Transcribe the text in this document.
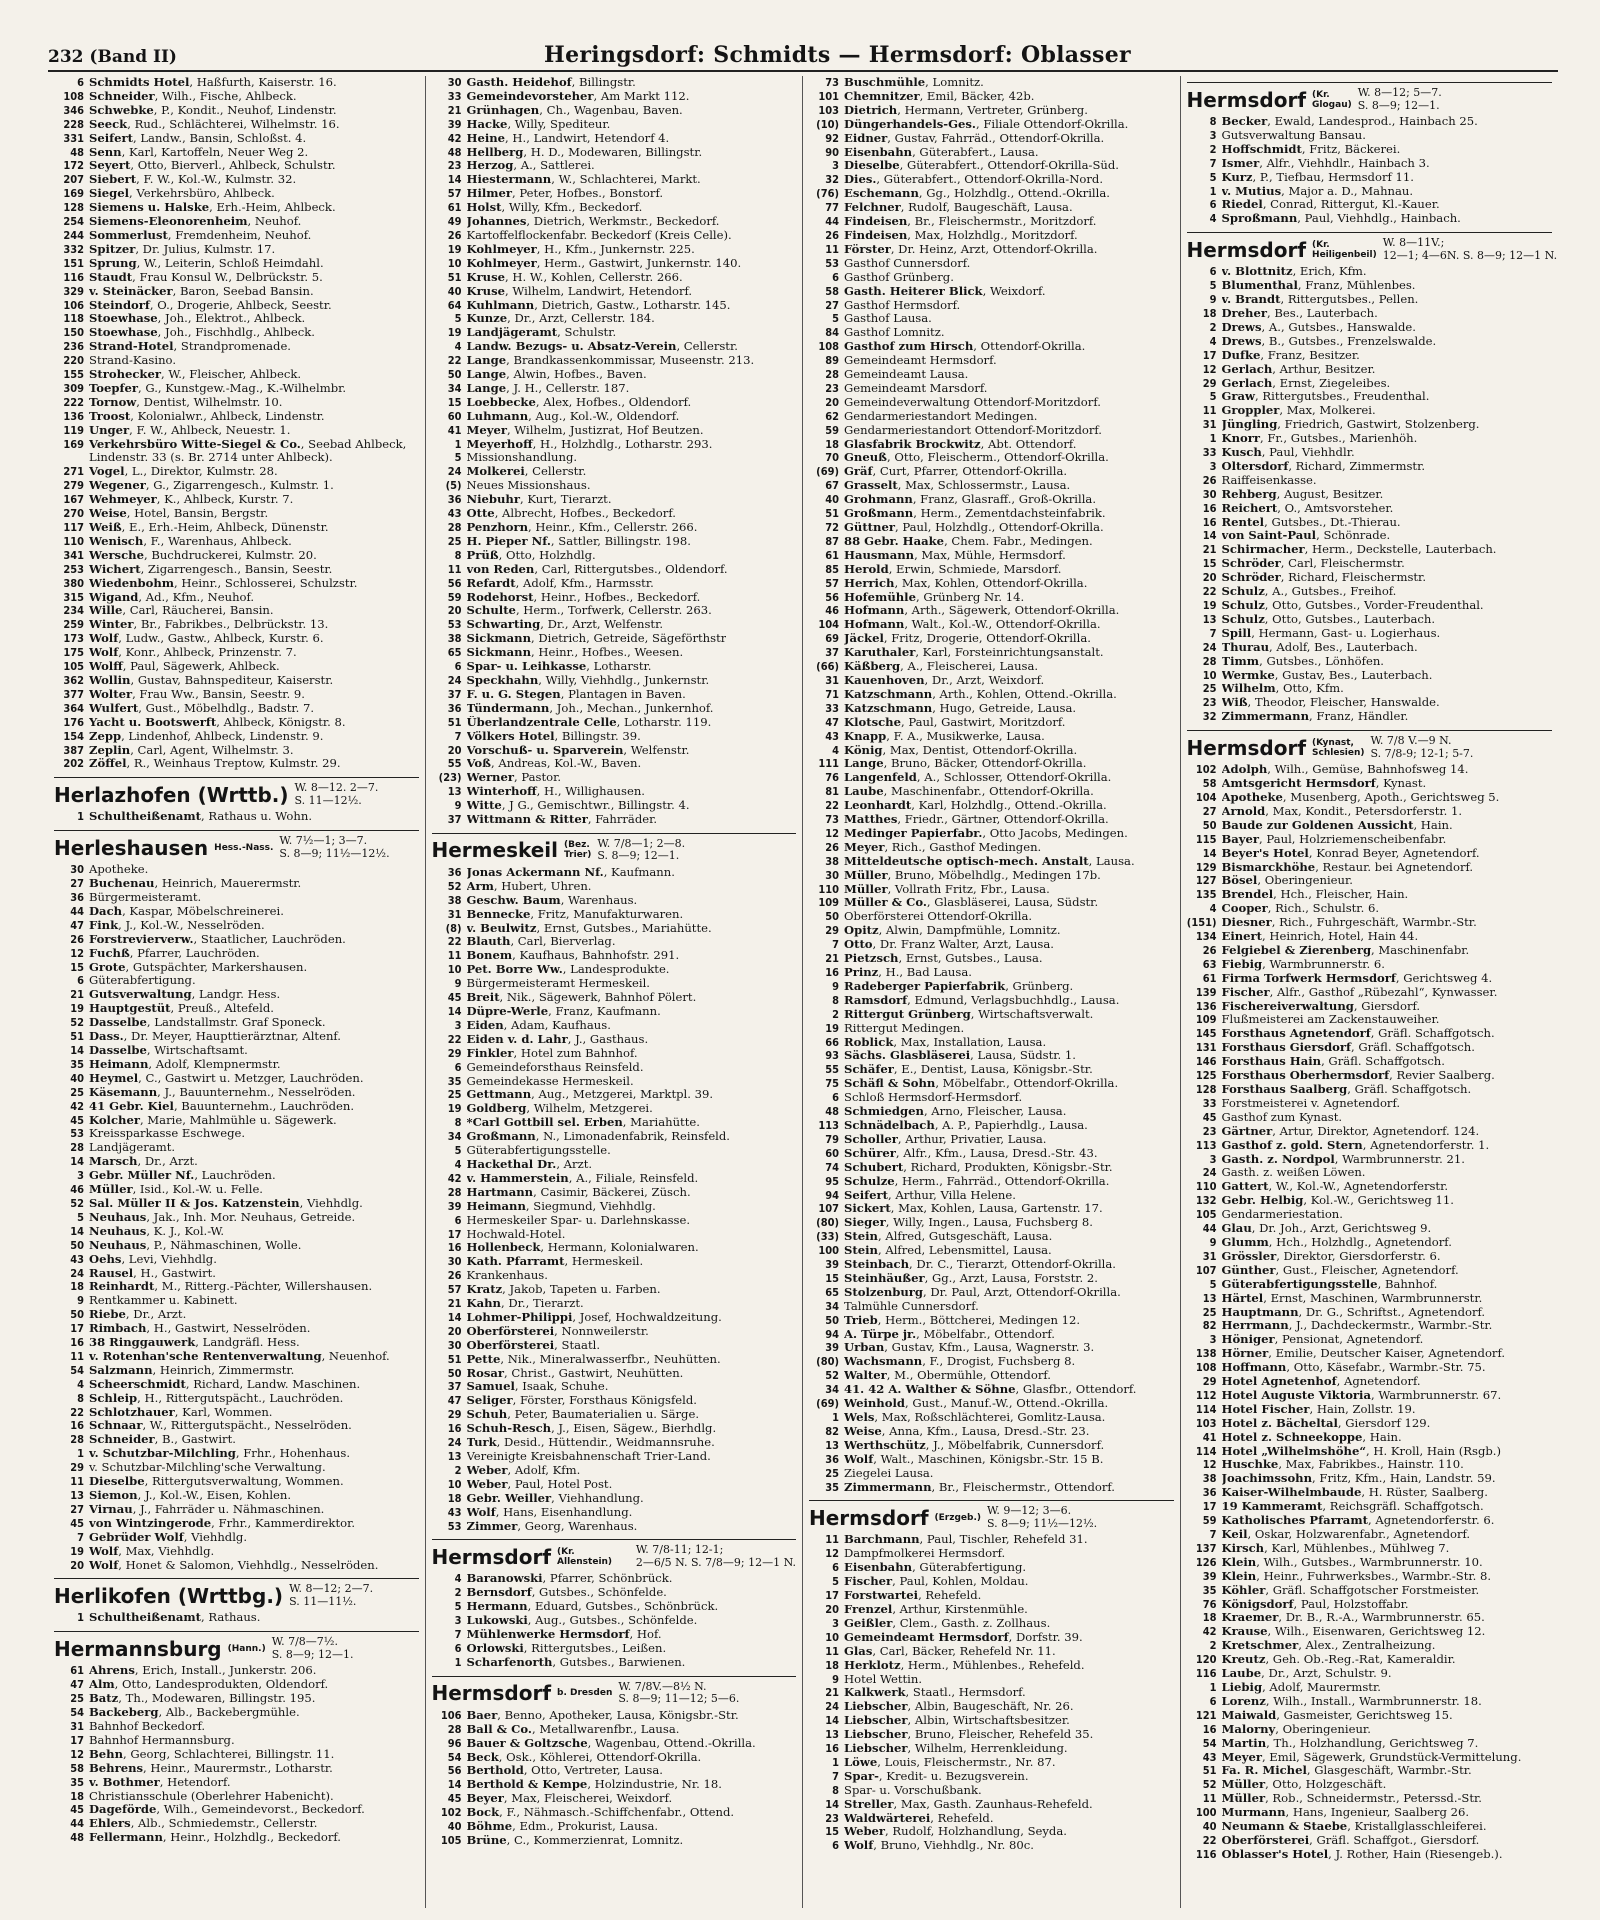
232 (Band II)	Heringsdorf: Schmidts — Hermsdorf: Oblasser
6 Schmidts Hotel, Haßfurth, Kaiserstr. 16.
108 Schneider, Wilh., Fische, Ahlbeck.
346 Schwebke, P., Kondit., Neuhof, Lindenstr.
228 Seeck, Rud., Schlächterei, Wilhelmstr. 16.
331 Seifert, Landw., Bansin, Schloßst. 4.
48 Senn, Karl, Kartoffeln, Neuer Weg 2.
172 Seyert, Otto, Bierverl., Ahlbeck, Schulstr.
207 Siebert, F. W., Kol.-W., Kulmstr. 32.
169 Siegel, Verkehrsbüro, Ahlbeck.
128 Siemens u. Halske, Erh.-Heim, Ahlbeck.
254 Siemens-Eleonorenheim, Neuhof.
244 Sommerlust, Fremdenheim, Neuhof.
332 Spitzer, Dr. Julius, Kulmstr. 17.
151 Sprung, W., Leiterin, Schloß Heimdahl.
116 Staudt, Frau Konsul W., Delbrückstr. 5.
329 v. Steinäcker, Baron, Seebad Bansin.
106 Steindorf, O., Drogerie, Ahlbeck, Seestr.
118 Stoewhase, Joh., Elektrot., Ahlbeck.
150 Stoewhase, Joh., Fischhdlg., Ahlbeck.
236 Strand-Hotel, Strandpromenade.
220 Strand-Kasino.
155 Strohecker, W., Fleischer, Ahlbeck.
309 Toepfer, G., Kunstgew.-Mag., K.-Wilhelmbr.
222 Tornow, Dentist, Wilhelmstr. 10.
136 Troost, Kolonialwr., Ahlbeck, Lindenstr.
119 Unger, F. W., Ahlbeck, Neuestr. 1.
169 Verkehrsbüro Witte-Siegel & Co., Seebad Ahlbeck,
Lindenstr. 33 (s. Br. 2714 unter Ahlbeck).
271 Vogel, L., Direktor, Kulmstr. 28.
279 Wegener, G., Zigarrengesch., Kulmstr. 1.
167 Wehmeyer, K., Ahlbeck, Kurstr. 7.
270 Weise, Hotel, Bansin, Bergstr.
117 Weiß, E., Erh.-Heim, Ahlbeck, Dünenstr.
110 Wenisch, F., Warenhaus, Ahlbeck.
341 Wersche, Buchdruckerei, Kulmstr. 20.
253 Wichert, Zigarrengesch., Bansin, Seestr.
380 Wiedenbohm, Heinr., Schlosserei, Schulzstr.
315 Wigand, Ad., Kfm., Neuhof.
234 Wille, Carl, Räucherei, Bansin.
259 Winter, Br., Fabrikbes., Delbrückstr. 13.
173 Wolf, Ludw., Gastw., Ahlbeck, Kurstr. 6.
175 Wolf, Konr., Ahlbeck, Prinzenstr. 7.
105 Wolff, Paul, Sägewerk, Ahlbeck.
362 Wollin, Gustav, Bahnspediteur, Kaiserstr.
377 Wolter, Frau Ww., Bansin, Seestr. 9.
364 Wulfert, Gust., Möbelhdlg., Badstr. 7.
176 Yacht u. Bootswerft, Ahlbeck, Königstr. 8.
154 Zepp, Lindenhof, Ahlbeck, Lindenstr. 9.
387 Zeplin, Carl, Agent, Wilhelmstr. 3.
202 Zöffel, R., Weinhaus Treptow, Kulmstr. 29.
Herlazhofen (Wrttb.) W. 8—12. 2—7.
S. 11—12½.
1 Schultheißenamt, Rathaus u. Wohn.
Herleshausen Hess.-Nass.
W. 7½—1; 3—7.
S. 8—9; 11½—12½.
30 Apotheke.
27 Buchenau, Heinrich, Mauerermstr.
36 Bürgermeisteramt.
44 Dach, Kaspar, Möbelschreinerei.
47 Fink, J., Kol.-W., Nesselröden.
26 Forstrevierverw., Staatlicher, Lauchröden.
12 Fuchß, Pfarrer, Lauchröden.
15 Grote, Gutspächter, Markershausen.
6 Güterabfertigung.
21 Gutsverwaltung, Landgr. Hess.
19 Hauptgestüt, Preuß., Altefeld.
52 Dasselbe, Landstallmstr. Graf Sponeck.
51 Dass., Dr. Meyer, Haupttierärztnar, Altenf.
14 Dasselbe, Wirtschaftsamt.
35 Heimann, Adolf, Klempnermstr.
40 Heymel, C., Gastwirt u. Metzger, Lauchröden.
25 Käsemann, J., Bauunternehm., Nesselröden.
42 41 Gebr. Kiel, Bauunternehm., Lauchröden.
45 Kolcher, Marie, Mahlmühle u. Sägewerk.
53 Kreissparkasse Eschwege.
28 Landjägeramt.
14 Marsch, Dr., Arzt.
3 Gebr. Müller Nf., Lauchröden.
46 Müller, Isid., Kol.-W. u. Felle.
52 Sal. Müller II & Jos. Katzenstein, Viehhdlg.
5 Neuhaus, Jak., Inh. Mor. Neuhaus, Getreide.
14 Neuhaus, K. J., Kol.-W.
50 Neuhaus, P., Nähmaschinen, Wolle.
43 Oehs, Levi, Viehhdlg.
24 Rausel, H., Gastwirt.
18 Reinhardt, M., Ritterg.-Pächter, Willershausen.
9 Rentkammer u. Kabinett.
50 Riebe, Dr., Arzt.
17 Rimbach, H., Gastwirt, Nesselröden.
16 38 Ringgauwerk, Landgräfl. Hess.
11 v. Rotenhan'sche Rentenverwaltung, Neuenhof.
54 Salzmann, Heinrich, Zimmermstr.
4 Scheerschmidt, Richard, Landw. Maschinen.
8 Schleip, H., Rittergutspächt., Lauchröden.
22 Schlotzhauer, Karl, Wommen.
16 Schnaar, W., Rittergutspächt., Nesselröden.
28 Schneider, B., Gastwirt.
1 v. Schutzbar-Milchling, Frhr., Hohenhaus.
29 v. Schutzbar-Milchling'sche Verwaltung.
11 Dieselbe, Rittergutsverwaltung, Wommen.
13 Siemon, J., Kol.-W., Eisen, Kohlen.
27 Virnau, J., Fahrräder u. Nähmaschinen.
45 von Wintzingerode, Frhr., Kammerdirektor.
7 Gebrüder Wolf, Viehhdlg.
19 Wolf, Max, Viehhdlg.
20 Wolf, Honet & Salomon, Viehhdlg., Nesselröden.
Herlikofen (Wrttbg.) W. 8—12; 2—7.
S. 11—11½.
1 Schultheißenamt, Rathaus.
Hermannsburg (Hann.)
W. 7/8—7½.
S. 8—9; 12—1.
61 Ahrens, Erich, Install., Junkerstr. 206.
47 Alm, Otto, Landesprodukten, Oldendorf.
25 Batz, Th., Modewaren, Billingstr. 195.
54 Backeberg, Alb., Backebergmühle.
31 Bahnhof Beckedorf.
17 Bahnhof Hermannsburg.
12 Behn, Georg, Schlachterei, Billingstr. 11.
58 Behrens, Heinr., Maurermstr., Lotharstr.
35 v. Bothmer, Hetendorf.
18 Christiansschule (Oberlehrer Habenicht).
45 Dageförde, Wilh., Gemeindevorst., Beckedorf.
44 Ehlers, Alb., Schmiedemstr., Cellerstr.
48 Fellermann, Heinr., Holzhdlg., Beckedorf.
30 Gasth. Heidehof, Billingstr.
33 Gemeindevorsteher, Am Markt 112.
21 Grünhagen, Ch., Wagenbau, Baven.
39 Hacke, Willy, Spediteur.
42 Heine, H., Landwirt, Hetendorf 4.
48 Hellberg, H. D., Modewaren, Billingstr.
23 Herzog, A., Sattlerei.
14 Hiestermann, W., Schlachterei, Markt.
57 Hilmer, Peter, Hofbes., Bonstorf.
61 Holst, Willy, Kfm., Beckedorf.
49 Johannes, Dietrich, Werkmstr., Beckedorf.
26 Kartoffelflockenfabr. Beckedorf (Kreis Celle).
19 Kohlmeyer, H., Kfm., Junkernstr. 225.
10 Kohlmeyer, Herm., Gastwirt, Junkernstr. 140.
51 Kruse, H. W., Kohlen, Cellerstr. 266.
40 Kruse, Wilhelm, Landwirt, Hetendorf.
64 Kuhlmann, Dietrich, Gastw., Lotharstr. 145.
5 Kunze, Dr., Arzt, Cellerstr. 184.
19 Landjägeramt, Schulstr.
4 Landw. Bezugs- u. Absatz-Verein, Cellerstr.
22 Lange, Brandkassenkommissar, Museenstr. 213.
50 Lange, Alwin, Hofbes., Baven.
34 Lange, J. H., Cellerstr. 187.
15 Loebbecke, Alex, Hofbes., Oldendorf.
60 Luhmann, Aug., Kol.-W., Oldendorf.
41 Meyer, Wilhelm, Justizrat, Hof Beutzen.
1 Meyerhoff, H., Holzhdlg., Lotharstr. 293.
5 Missionshandlung.
24 Molkerei, Cellerstr.
(5) Neues Missionshaus.
36 Niebuhr, Kurt, Tierarzt.
43 Otte, Albrecht, Hofbes., Beckedorf.
28 Penzhorn, Heinr., Kfm., Cellerstr. 266.
25 H. Pieper Nf., Sattler, Billingstr. 198.
8 Prüß, Otto, Holzhdlg.
11 von Reden, Carl, Rittergutsbes., Oldendorf.
56 Refardt, Adolf, Kfm., Harmsstr.
59 Rodehorst, Heinr., Hofbes., Beckedorf.
20 Schulte, Herm., Torfwerk, Cellerstr. 263.
53 Schwarting, Dr., Arzt, Welfenstr.
38 Sickmann, Dietrich, Getreide, Sägeförthstr
65 Sickmann, Heinr., Hofbes., Weesen.
6 Spar- u. Leihkasse, Lotharstr.
24 Speckhahn, Willy, Viehhdlg., Junkernstr.
37 F. u. G. Stegen, Plantagen in Baven.
36 Tündermann, Joh., Mechan., Junkernhof.
51 Überlandzentrale Celle, Lotharstr. 119.
7 Völkers Hotel, Billingstr. 39.
20 Vorschuß- u. Sparverein, Welfenstr.
55 Voß, Andreas, Kol.-W., Baven.
(23) Werner, Pastor.
13 Winterhoff, H., Willighausen.
9 Witte, J G., Gemischtwr., Billingstr. 4.
37 Wittmann & Ritter, Fahrräder.
Hermeskeil (Bez.
Trier)
W. 7/8—1; 2—8.
S. 8—9; 12—1.
36 Jonas Ackermann Nf., Kaufmann.
52 Arm, Hubert, Uhren.
38 Geschw. Baum, Warenhaus.
31 Bennecke, Fritz, Manufakturwaren.
(8) v. Beulwitz, Ernst, Gutsbes., Mariahütte.
22 Blauth, Carl, Bierverlag.
11 Bonem, Kaufhaus, Bahnhofstr. 291.
10 Pet. Borre Ww., Landesprodukte.
9 Bürgermeisteramt Hermeskeil.
45 Breit, Nik., Sägewerk, Bahnhof Pölert.
14 Düpre-Werle, Franz, Kaufmann.
3 Eiden, Adam, Kaufhaus.
22 Eiden v. d. Lahr, J., Gasthaus.
29 Finkler, Hotel zum Bahnhof.
6 Gemeindeforsthaus Reinsfeld.
35 Gemeindekasse Hermeskeil.
25 Gettmann, Aug., Metzgerei, Marktpl. 39.
19 Goldberg, Wilhelm, Metzgerei.
8 *Carl Gottbill sel. Erben, Mariahütte.
34 Großmann, N., Limonadenfabrik, Reinsfeld.
5 Güterabfertigungsstelle.
4 Hackethal Dr., Arzt.
42 v. Hammerstein, A., Filiale, Reinsfeld.
28 Hartmann, Casimir, Bäckerei, Züsch.
39 Heimann, Siegmund, Viehhdlg.
6 Hermeskeiler Spar- u. Darlehnskasse.
17 Hochwald-Hotel.
16 Hollenbeck, Hermann, Kolonialwaren.
30 Kath. Pfarramt, Hermeskeil.
26 Krankenhaus.
57 Kratz, Jakob, Tapeten u. Farben.
21 Kahn, Dr., Tierarzt.
14 Lohmer-Philippi, Josef, Hochwaldzeitung.
20 Oberförsterei, Nonnweilerstr.
30 Oberförsterei, Staatl.
51 Pette, Nik., Mineralwasserfbr., Neuhütten.
50 Rosar, Christ., Gastwirt, Neuhütten.
37 Samuel, Isaak, Schuhe.
47 Seliger, Förster, Forsthaus Königsfeld.
29 Schuh, Peter, Baumaterialien u. Särge.
16 Schuh-Resch, J., Eisen, Sägew., Bierhdlg.
24 Turk, Desid., Hüttendir., Weidmannsruhe.
13 Vereinigte Kreisbahnenschaft Trier-Land.
2 Weber, Adolf, Kfm.
10 Weber, Paul, Hotel Post.
18 Gebr. Weiller, Viehhandlung.
43 Wolf, Hans, Eisenhandlung.
53 Zimmer, Georg, Warenhaus.
Hermsdorf (Kr. Allenstein)
W. 7/8-11; 12-1;
2—6/5 N. S. 7/8—9; 12—1 N.
4 Baranowski, Pfarrer, Schönbrück.
2 Bernsdorf, Gutsbes., Schönfelde.
5 Hermann, Eduard, Gutsbes., Schönbrück.
3 Lukowski, Aug., Gutsbes., Schönfelde.
7 Mühlenwerke Hermsdorf, Hof.
6 Orlowski, Rittergutsbes., Leißen.
1 Scharfenorth, Gutsbes., Barwienen.
Hermsdorf b. Dresden
W. 7/8V.—8½ N.
S. 8—9; 11—12; 5—6.
106 Baer, Benno, Apotheker, Lausa, Königsbr.-Str.
28 Ball & Co., Metallwarenfbr., Lausa.
96 Bauer & Goltzsche, Wagenbau, Ottend.-Okrilla.
54 Beck, Osk., Köhlerei, Ottendorf-Okrilla.
56 Berthold, Otto, Vertreter, Lausa.
14 Berthold & Kempe, Holzindustrie, Nr. 18.
45 Beyer, Max, Fleischerei, Weixdorf.
102 Bock, F., Nähmasch.-Schiffchenfabr., Ottend.
40 Böhme, Edm., Prokurist, Lausa.
105 Brüne, C., Kommerzienrat, Lomnitz.
73 Buschmühle, Lomnitz.
101 Chemnitzer, Emil, Bäcker, 42b.
103 Dietrich, Hermann, Vertreter, Grünberg.
(10) Düngerhandels-Ges., Filiale Ottendorf-Okrilla.
92 Eidner, Gustav, Fahrräd., Ottendorf-Okrilla.
90 Eisenbahn, Güterabfert., Lausa.
3 Dieselbe, Güterabfert., Ottendorf-Okrilla-Süd.
32 Dies., Güterabfert., Ottendorf-Okrilla-Nord.
(76) Eschemann, Gg., Holzhdlg., Ottend.-Okrilla.
77 Felchner, Rudolf, Baugeschäft, Lausa.
44 Findeisen, Br., Fleischermstr., Moritzdorf.
26 Findeisen, Max, Holzhdlg., Moritzdorf.
11 Förster, Dr. Heinz, Arzt, Ottendorf-Okrilla.
53 Gasthof Cunnersdorf.
6 Gasthof Grünberg.
58 Gasth. Heiterer Blick, Weixdorf.
27 Gasthof Hermsdorf.
5 Gasthof Lausa.
84 Gasthof Lomnitz.
108 Gasthof zum Hirsch, Ottendorf-Okrilla.
89 Gemeindeamt Hermsdorf.
28 Gemeindeamt Lausa.
23 Gemeindeamt Marsdorf.
20 Gemeindeverwaltung Ottendorf-Moritzdorf.
62 Gendarmeriestandort Medingen.
59 Gendarmeriestandort Ottendorf-Moritzdorf.
18 Glasfabrik Brockwitz, Abt. Ottendorf.
70 Gneuß, Otto, Fleischerm., Ottendorf-Okrilla.
(69) Gräf, Curt, Pfarrer, Ottendorf-Okrilla.
67 Grasselt, Max, Schlossermstr., Lausa.
40 Grohmann, Franz, Glasraff., Groß-Okrilla.
51 Großmann, Herm., Zementdachsteinfabrik.
72 Güttner, Paul, Holzhdlg., Ottendorf-Okrilla.
87 88 Gebr. Haake, Chem. Fabr., Medingen.
61 Hausmann, Max, Mühle, Hermsdorf.
85 Herold, Erwin, Schmiede, Marsdorf.
57 Herrich, Max, Kohlen, Ottendorf-Okrilla.
56 Hofemühle, Grünberg Nr. 14.
46 Hofmann, Arth., Sägewerk, Ottendorf-Okrilla.
104 Hofmann, Walt., Kol.-W., Ottendorf-Okrilla.
69 Jäckel, Fritz, Drogerie, Ottendorf-Okrilla.
37 Karuthaler, Karl, Forsteinrichtungsanstalt.
(66) Käßberg, A., Fleischerei, Lausa.
31 Kauenhoven, Dr., Arzt, Weixdorf.
71 Katzschmann, Arth., Kohlen, Ottend.-Okrilla.
33 Katzschmann, Hugo, Getreide, Lausa.
47 Klotsche, Paul, Gastwirt, Moritzdorf.
43 Knapp, F. A., Musikwerke, Lausa.
4 König, Max, Dentist, Ottendorf-Okrilla.
111 Lange, Bruno, Bäcker, Ottendorf-Okrilla.
76 Langenfeld, A., Schlosser, Ottendorf-Okrilla.
81 Laube, Maschinenfabr., Ottendorf-Okrilla.
22 Leonhardt, Karl, Holzhdlg., Ottend.-Okrilla.
73 Matthes, Friedr., Gärtner, Ottendorf-Okrilla.
12 Medinger Papierfabr., Otto Jacobs, Medingen.
26 Meyer, Rich., Gasthof Medingen.
38 Mitteldeutsche optisch-mech. Anstalt, Lausa.
30 Müller, Bruno, Möbelhdlg., Medingen 17b.
110 Müller, Vollrath Fritz, Fbr., Lausa.
109 Müller & Co., Glasbläserei, Lausa, Südstr.
50 Oberförsterei Ottendorf-Okrilla.
29 Opitz, Alwin, Dampfmühle, Lomnitz.
7 Otto, Dr. Franz Walter, Arzt, Lausa.
21 Pietzsch, Ernst, Gutsbes., Lausa.
16 Prinz, H., Bad Lausa.
9 Radeberger Papierfabrik, Grünberg.
8 Ramsdorf, Edmund, Verlagsbuchhdlg., Lausa.
2 Rittergut Grünberg, Wirtschaftsverwalt.
19 Rittergut Medingen.
66 Roblick, Max, Installation, Lausa.
93 Sächs. Glasbläserei, Lausa, Südstr. 1.
55 Schäfer, E., Dentist, Lausa, Königsbr.-Str.
75 Schäfl & Sohn, Möbelfabr., Ottendorf-Okrilla.
6 Schloß Hermsdorf-Hermsdorf.
48 Schmiedgen, Arno, Fleischer, Lausa.
113 Schnädelbach, A. P., Papierhdlg., Lausa.
79 Scholler, Arthur, Privatier, Lausa.
60 Schürer, Alfr., Kfm., Lausa, Dresd.-Str. 43.
74 Schubert, Richard, Produkten, Königsbr.-Str.
95 Schulze, Herm., Fahrräd., Ottendorf-Okrilla.
94 Seifert, Arthur, Villa Helene.
107 Sickert, Max, Kohlen, Lausa, Gartenstr. 17.
(80) Sieger, Willy, Ingen., Lausa, Fuchsberg 8.
(33) Stein, Alfred, Gutsgeschäft, Lausa.
100 Stein, Alfred, Lebensmittel, Lausa.
39 Steinbach, Dr. C., Tierarzt, Ottendorf-Okrilla.
15 Steinhäußer, Gg., Arzt, Lausa, Forststr. 2.
65 Stolzenburg, Dr. Paul, Arzt, Ottendorf-Okrilla.
34 Talmühle Cunnersdorf.
50 Trieb, Herm., Böttcherei, Medingen 12.
94 A. Türpe jr., Möbelfabr., Ottendorf.
39 Urban, Gustav, Kfm., Lausa, Wagnerstr. 3.
(80) Wachsmann, F., Drogist, Fuchsberg 8.
52 Walter, M., Obermühle, Ottendorf.
34 41. 42 A. Walther & Söhne, Glasfbr., Ottendorf.
(69) Weinhold, Gust., Manuf.-W., Ottend.-Okrilla.
1 Wels, Max, Roßschlächterei, Gomlitz-Lausa.
82 Weise, Anna, Kfm., Lausa, Dresd.-Str. 23.
13 Werthschütz, J., Möbelfabrik, Cunnersdorf.
36 Wolf, Walt., Maschinen, Königsbr.-Str. 15 B.
25 Ziegelei Lausa.
35 Zimmermann, Br., Fleischermstr., Ottendorf.
Hermsdorf (Erzgeb.)
W. 9—12; 3—6.
S. 8—9; 11½—12½.
11 Barchmann, Paul, Tischler, Rehefeld 31.
12 Dampfmolkerei Hermsdorf.
6 Eisenbahn, Güterabfertigung.
5 Fischer, Paul, Kohlen, Moldau.
17 Forstwartei, Rehefeld.
20 Frenzel, Arthur, Kirstenmühle.
3 Geißler, Clem., Gasth. z. Zollhaus.
10 Gemeindeamt Hermsdorf, Dorfstr. 39.
11 Glas, Carl, Bäcker, Rehefeld Nr. 11.
18 Herklotz, Herm., Mühlenbes., Rehefeld.
9 Hotel Wettin.
21 Kalkwerk, Staatl., Hermsdorf.
24 Liebscher, Albin, Baugeschäft, Nr. 26.
14 Liebscher, Albin, Wirtschaftsbesitzer.
13 Liebscher, Bruno, Fleischer, Rehefeld 35.
16 Liebscher, Wilhelm, Herrenkleidung.
1 Löwe, Louis, Fleischermstr., Nr. 87.
7 Spar-, Kredit- u. Bezugsverein.
8 Spar- u. Vorschußbank.
14 Streller, Max, Gasth. Zaunhaus-Rehefeld.
23 Waldwärterei, Rehefeld.
15 Weber, Rudolf, Holzhandlung, Seyda.
6 Wolf, Bruno, Viehhdlg., Nr. 80c.
Hermsdorf (Kr.
Glogau)
W. 8—12; 5—7.
S. 8—9; 12—1.
8 Becker, Ewald, Landesprod., Hainbach 25.
3 Gutsverwaltung Bansau.
2 Hoffschmidt, Fritz, Bäckerei.
7 Ismer, Alfr., Viehhdlr., Hainbach 3.
5 Kurz, P., Tiefbau, Hermsdorf 11.
1 v. Mutius, Major a. D., Mahnau.
6 Riedel, Conrad, Rittergut, Kl.-Kauer.
4 Sproßmann, Paul, Viehhdlg., Hainbach.
Hermsdorf (Kr. Heiligenbeil)
W. 8—11V.;
12—1; 4—6N. S. 8—9; 12—1 N.
6 v. Blottnitz, Erich, Kfm.
5 Blumenthal, Franz, Mühlenbes.
9 v. Brandt, Rittergutsbes., Pellen.
18 Dreher, Bes., Lauterbach.
2 Drews, A., Gutsbes., Hanswalde.
4 Drews, B., Gutsbes., Frenzelswalde.
17 Dufke, Franz, Besitzer.
12 Gerlach, Arthur, Besitzer.
29 Gerlach, Ernst, Ziegeleibes.
5 Graw, Rittergutsbes., Freudenthal.
11 Groppler, Max, Molkerei.
31 Jüngling, Friedrich, Gastwirt, Stolzenberg.
1 Knorr, Fr., Gutsbes., Marienhöh.
33 Kusch, Paul, Viehhdlr.
3 Oltersdorf, Richard, Zimmermstr.
26 Raiffeisenkasse.
30 Rehberg, August, Besitzer.
16 Reichert, O., Amtsvorsteher.
16 Rentel, Gutsbes., Dt.-Thierau.
14 von Saint-Paul, Schönrade.
21 Schirmacher, Herm., Deckstelle, Lauterbach.
15 Schröder, Carl, Fleischermstr.
20 Schröder, Richard, Fleischermstr.
22 Schulz, A., Gutsbes., Freihof.
19 Schulz, Otto, Gutsbes., Vorder-Freudenthal.
13 Schulz, Otto, Gutsbes., Lauterbach.
7 Spill, Hermann, Gast- u. Logierhaus.
24 Thurau, Adolf, Bes., Lauterbach.
28 Timm, Gutsbes., Lönhöfen.
10 Wermke, Gustav, Bes., Lauterbach.
25 Wilhelm, Otto, Kfm.
23 Wiß, Theodor, Fleischer, Hanswalde.
32 Zimmermann, Franz, Händler.
Hermsdorf (Kynast,
Schlesien)
W. 7/8 V.—9 N.
S. 7/8-9; 12-1; 5-7.
102 Adolph, Wilh., Gemüse, Bahnhofsweg 14.
58 Amtsgericht Hermsdorf, Kynast.
104 Apotheke, Musenberg, Apoth., Gerichtsweg 5.
27 Arnold, Max, Kondit., Petersdorferstr. 1.
50 Baude zur Goldenen Aussicht, Hain.
115 Bayer, Paul, Holzriemenscheibenfabr.
14 Beyer's Hotel, Konrad Beyer, Agnetendorf.
129 Bismarckhöhe, Restaur. bei Agnetendorf.
127 Bösel, Oberingenieur.
135 Brendel, Hch., Fleischer, Hain.
4 Cooper, Rich., Schulstr. 6.
(151) Diesner, Rich., Fuhrgeschäft, Warmbr.-Str.
134 Einert, Heinrich, Hotel, Hain 44.
26 Felgiebel & Zierenberg, Maschinenfabr.
63 Fiebig, Warmbrunnerstr. 6.
61 Firma Torfwerk Hermsdorf, Gerichtsweg 4.
139 Fischer, Alfr., Gasthof „Rübezahl“, Kynwasser.
136 Fischereiverwaltung, Giersdorf.
109 Flußmeisterei am Zackenstauweiher.
145 Forsthaus Agnetendorf, Gräfl. Schaffgotsch.
131 Forsthaus Giersdorf, Gräfl. Schaffgotsch.
146 Forsthaus Hain, Gräfl. Schaffgotsch.
125 Forsthaus Oberhermsdorf, Revier Saalberg.
128 Forsthaus Saalberg, Gräfl. Schaffgotsch.
33 Forstmeisterei v. Agnetendorf.
45 Gasthof zum Kynast.
23 Gärtner, Artur, Direktor, Agnetendorf. 124.
113 Gasthof z. gold. Stern, Agnetendorferstr. 1.
3 Gasth. z. Nordpol, Warmbrunnerstr. 21.
24 Gasth. z. weißen Löwen.
110 Gattert, W., Kol.-W., Agnetendorferstr.
132 Gebr. Helbig, Kol.-W., Gerichtsweg 11.
105 Gendarmeriestation.
44 Glau, Dr. Joh., Arzt, Gerichtsweg 9.
9 Glumm, Hch., Holzhdlg., Agnetendorf.
31 Grössler, Direktor, Giersdorferstr. 6.
107 Günther, Gust., Fleischer, Agnetendorf.
5 Güterabfertigungsstelle, Bahnhof.
13 Härtel, Ernst, Maschinen, Warmbrunnerstr.
25 Hauptmann, Dr. G., Schriftst., Agnetendorf.
82 Herrmann, J., Dachdeckermstr., Warmbr.-Str.
3 Höniger, Pensionat, Agnetendorf.
138 Hörner, Emilie, Deutscher Kaiser, Agnetendorf.
108 Hoffmann, Otto, Käsefabr., Warmbr.-Str. 75.
29 Hotel Agnetenhof, Agnetendorf.
112 Hotel Auguste Viktoria, Warmbrunnerstr. 67.
114 Hotel Fischer, Hain, Zollstr. 19.
103 Hotel z. Bächeltal, Giersdorf 129.
41 Hotel z. Schneekoppe, Hain.
114 Hotel „Wilhelmshöhe“, H. Kroll, Hain (Rsgb.)
12 Huschke, Max, Fabrikbes., Hainstr. 110.
38 Joachimssohn, Fritz, Kfm., Hain, Landstr. 59.
36 Kaiser-Wilhelmbaude, H. Rüster, Saalberg.
17 19 Kammeramt, Reichsgräfl. Schaffgotsch.
59 Katholisches Pfarramt, Agnetendorferstr. 6.
7 Keil, Oskar, Holzwarenfabr., Agnetendorf.
137 Kirsch, Karl, Mühlenbes., Mühlweg 7.
126 Klein, Wilh., Gutsbes., Warmbrunnerstr. 10.
39 Klein, Heinr., Fuhrwerksbes., Warmbr.-Str. 8.
35 Köhler, Gräfl. Schaffgotscher Forstmeister.
76 Königsdorf, Paul, Holzstoffabr.
18 Kraemer, Dr. B., R.-A., Warmbrunnerstr. 65.
42 Krause, Wilh., Eisenwaren, Gerichtsweg 12.
2 Kretschmer, Alex., Zentralheizung.
120 Kreutz, Geh. Ob.-Reg.-Rat, Kameraldir.
116 Laube, Dr., Arzt, Schulstr. 9.
1 Liebig, Adolf, Maurermstr.
6 Lorenz, Wilh., Install., Warmbrunnerstr. 18.
121 Maiwald, Gasmeister, Gerichtsweg 15.
16 Malorny, Oberingenieur.
54 Martin, Th., Holzhandlung, Gerichtsweg 7.
43 Meyer, Emil, Sägewerk, Grundstück-Vermittelung.
51 Fa. R. Michel, Glasgeschäft, Warmbr.-Str.
52 Müller, Otto, Holzgeschäft.
11 Müller, Rob., Schneidermstr., Peterssd.-Str.
100 Murmann, Hans, Ingenieur, Saalberg 26.
40 Neumann & Staebe, Kristallglasschleiferei.
22 Oberförsterei, Gräfl. Schaffgot., Giersdorf.
116 Oblasser's Hotel, J. Rother, Hain (Riesengeb.).
